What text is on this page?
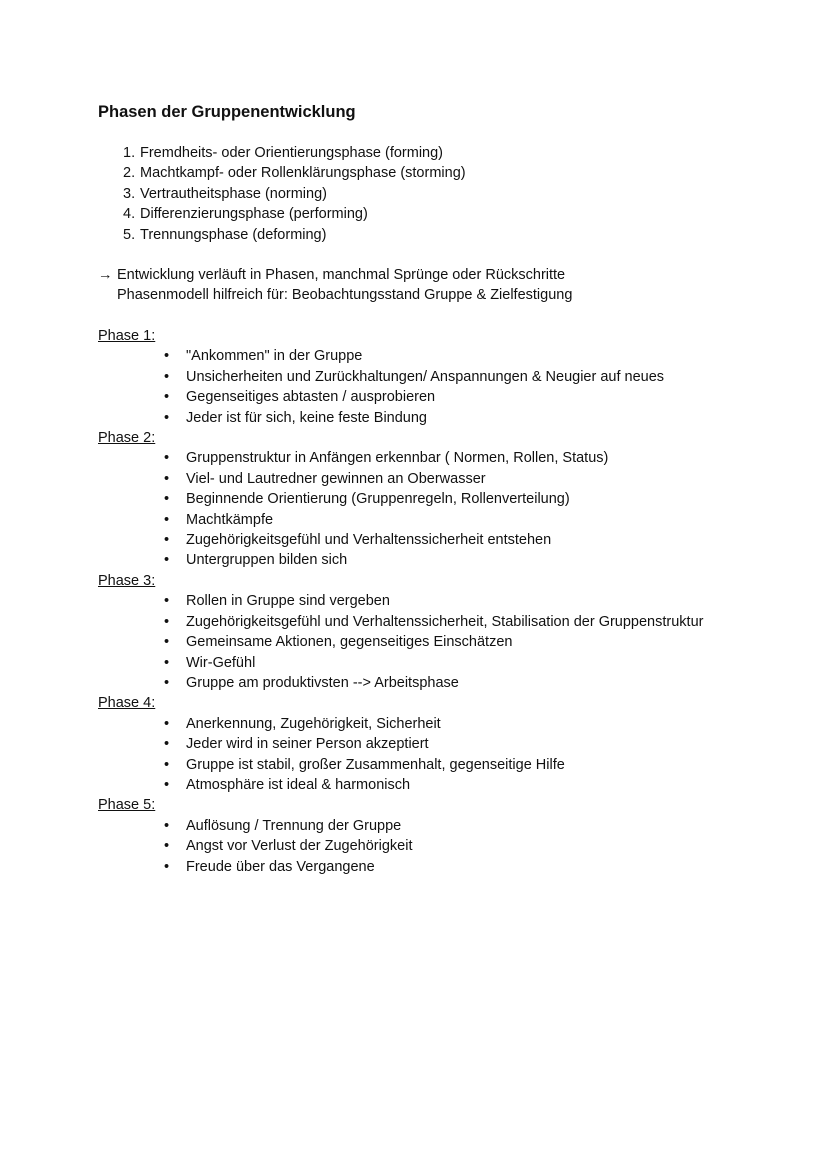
Phasen der Gruppenentwicklung
1. Fremdheits- oder Orientierungsphase (forming)
2. Machtkampf- oder Rollenklärungsphase (storming)
3. Vertrautheitsphase (norming)
4. Differenzierungsphase (performing)
5. Trennungsphase (deforming)
→ Entwicklung verläuft in Phasen, manchmal Sprünge oder Rückschritte
Phasenmodell hilfreich für: Beobachtungsstand Gruppe & Zielfestigung
Phase 1:
•	"Ankommen" in der Gruppe
•	Unsicherheiten und Zurückhaltungen/ Anspannungen & Neugier auf neues
•	Gegenseitiges abtasten / ausprobieren
•	Jeder ist für sich, keine feste Bindung
Phase 2:
•	Gruppenstruktur in Anfängen erkennbar ( Normen, Rollen, Status)
•	Viel- und Lautredner gewinnen an Oberwasser
•	Beginnende Orientierung (Gruppenregeln, Rollenverteilung)
•	Machtkämpfe
•	Zugehörigkeitsgefühl und Verhaltenssicherheit entstehen
•	Untergruppen bilden sich
Phase 3:
•	Rollen in Gruppe sind vergeben
•	Zugehörigkeitsgefühl und Verhaltenssicherheit, Stabilisation der Gruppenstruktur
•	Gemeinsame Aktionen, gegenseitiges Einschätzen
•	Wir-Gefühl
•	Gruppe am produktivsten --> Arbeitsphase
Phase 4:
•	Anerkennung, Zugehörigkeit, Sicherheit
•	Jeder wird in seiner Person akzeptiert
•	Gruppe ist stabil, großer Zusammenhalt, gegenseitige Hilfe
•	Atmosphäre ist ideal & harmonisch
Phase 5:
•	Auflösung / Trennung der Gruppe
•	Angst vor Verlust der Zugehörigkeit
•	Freude über das Vergangene
